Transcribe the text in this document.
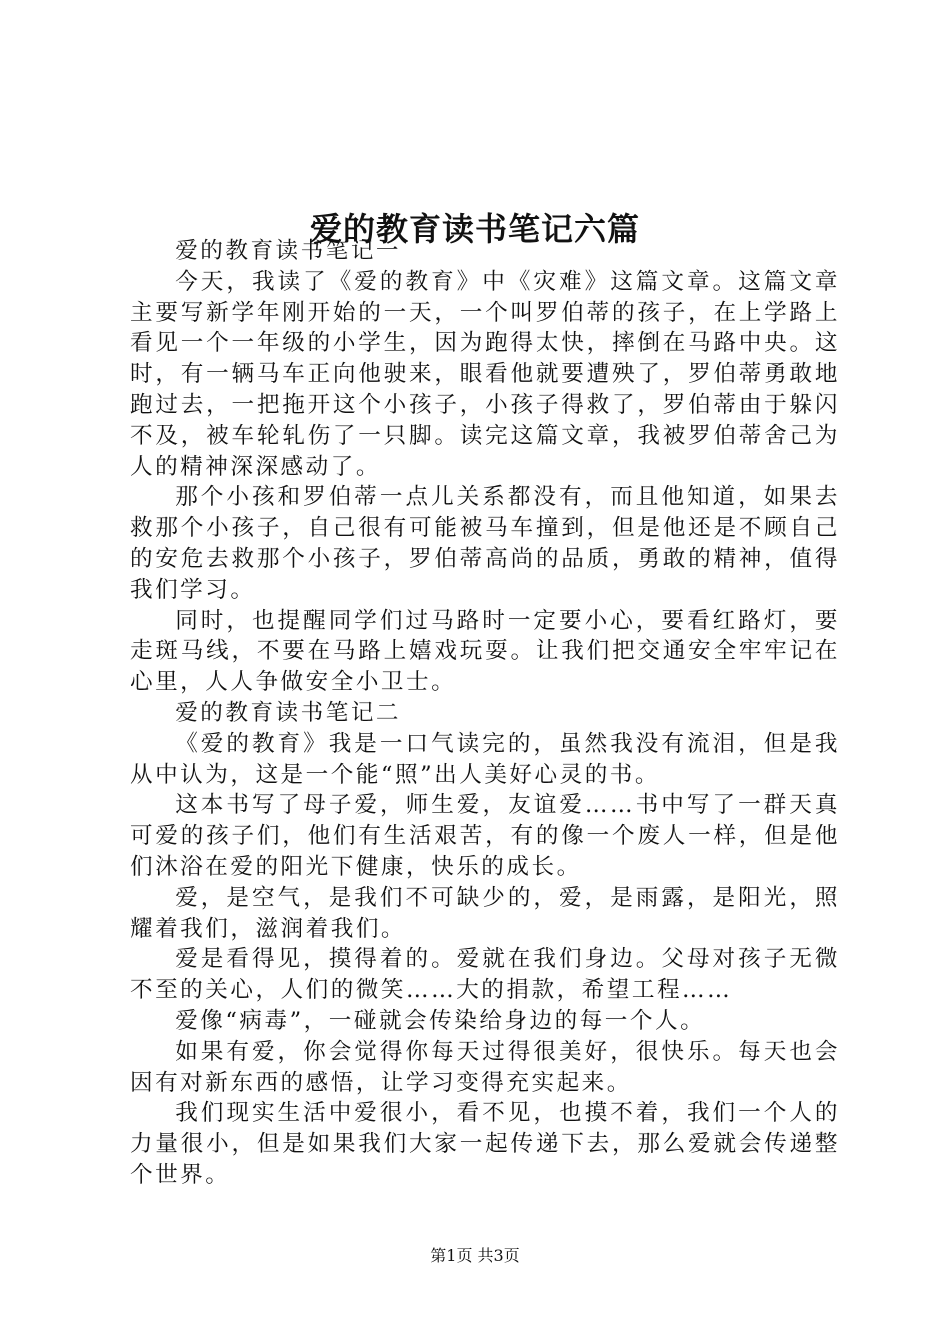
爱的教育读书笔记六篇

爱的教育读书笔记一

今天，我读了《爱的教育》中《灾难》这篇文章。这篇文章主要写新学年刚开始的一天，一个叫罗伯蒂的孩子，在上学路上看见一个一年级的小学生，因为跑得太快，摔倒在马路中央。这时，有一辆马车正向他驶来，眼看他就要遭殃了，罗伯蒂勇敢地跑过去，一把拖开这个小孩子，小孩子得救了，罗伯蒂由于躲闪不及，被车轮轧伤了一只脚。读完这篇文章，我被罗伯蒂舍己为人的精神深深感动了。

那个小孩和罗伯蒂一点儿关系都没有，而且他知道，如果去救那个小孩子，自己很有可能被马车撞到，但是他还是不顾自己的安危去救那个小孩子，罗伯蒂高尚的品质，勇敢的精神，值得我们学习。

同时，也提醒同学们过马路时一定要小心，要看红路灯，要走斑马线，不要在马路上嬉戏玩耍。让我们把交通安全牢牢记在心里，人人争做安全小卫士。

爱的教育读书笔记二

《爱的教育》我是一口气读完的，虽然我没有流泪，但是我从中认为，这是一个能“照”出人美好心灵的书。

这本书写了母子爱，师生爱，友谊爱……书中写了一群天真可爱的孩子们，他们有生活艰苦，有的像一个废人一样，但是他们沐浴在爱的阳光下健康，快乐的成长。

爱，是空气，是我们不可缺少的，爱，是雨露，是阳光，照耀着我们，滋润着我们。

爱是看得见，摸得着的。爱就在我们身边。父母对孩子无微不至的关心，人们的微笑……大的捐款，希望工程……

爱像“病毒”，一碰就会传染给身边的每一个人。

如果有爱，你会觉得你每天过得很美好，很快乐。每天也会因有对新东西的感悟，让学习变得充实起来。

我们现实生活中爱很小，看不见，也摸不着，我们一个人的力量很小，但是如果我们大家一起传递下去，那么爱就会传递整个世界。

第1页 共3页
